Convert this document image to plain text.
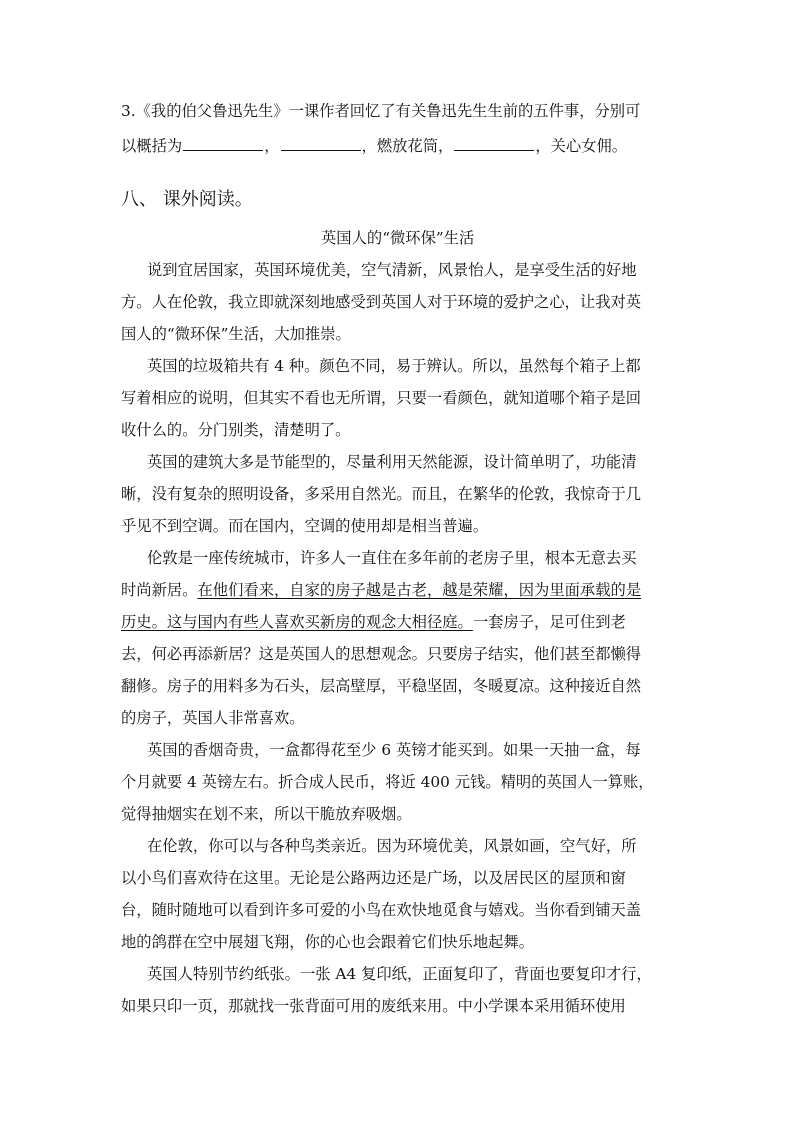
3.《我的伯父鲁迅先生》一课作者回忆了有关鲁迅先生生前的五件事，分别可
以概括为	，	，燃放花筒，	，关心女佣。
八、 课外阅读。
英国人的“微环保”生活
说到宜居国家，英国环境优美，空气清新，风景怡人，是享受生活的好地
方。人在伦敦，我立即就深刻地感受到英国人对于环境的爱护之心，让我对英
国人的“微环保”生活，大加推崇。
英国的垃圾箱共有 4 种。颜色不同，易于辨认。所以，虽然每个箱子上都
写着相应的说明，但其实不看也无所谓，只要一看颜色，就知道哪个箱子是回
收什么的。分门别类，清楚明了。
英国的建筑大多是节能型的，尽量利用天然能源，设计简单明了，功能清
晰，没有复杂的照明设备，多采用自然光。而且，在繁华的伦敦，我惊奇于几
乎见不到空调。而在国内，空调的使用却是相当普遍。
伦敦是一座传统城市，许多人一直住在多年前的老房子里，根本无意去买
时尚新居。在他们看来，自家的房子越是古老，越是荣耀，因为里面承载的是
历史。这与国内有些人喜欢买新房的观念大相径庭。一套房子，足可住到老
去，何必再添新居？这是英国人的思想观念。只要房子结实，他们甚至都懒得
翻修。房子的用料多为石头，层高壁厚，平稳坚固，冬暖夏凉。这种接近自然
的房子，英国人非常喜欢。
英国的香烟奇贵，一盒都得花至少 6 英镑才能买到。如果一天抽一盒，每
个月就要 4 英镑左右。折合成人民币，将近 400 元钱。精明的英国人一算账，
觉得抽烟实在划不来，所以干脆放弃吸烟。
在伦敦，你可以与各种鸟类亲近。因为环境优美，风景如画，空气好，所
以小鸟们喜欢待在这里。无论是公路两边还是广场，以及居民区的屋顶和窗
台，随时随地可以看到许多可爱的小鸟在欢快地觅食与嬉戏。当你看到铺天盖
地的鸽群在空中展翅飞翔，你的心也会跟着它们快乐地起舞。
英国人特别节约纸张。一张 A4 复印纸，正面复印了，背面也要复印才行，
如果只印一页，那就找一张背面可用的废纸来用。中小学课本采用循环使用
